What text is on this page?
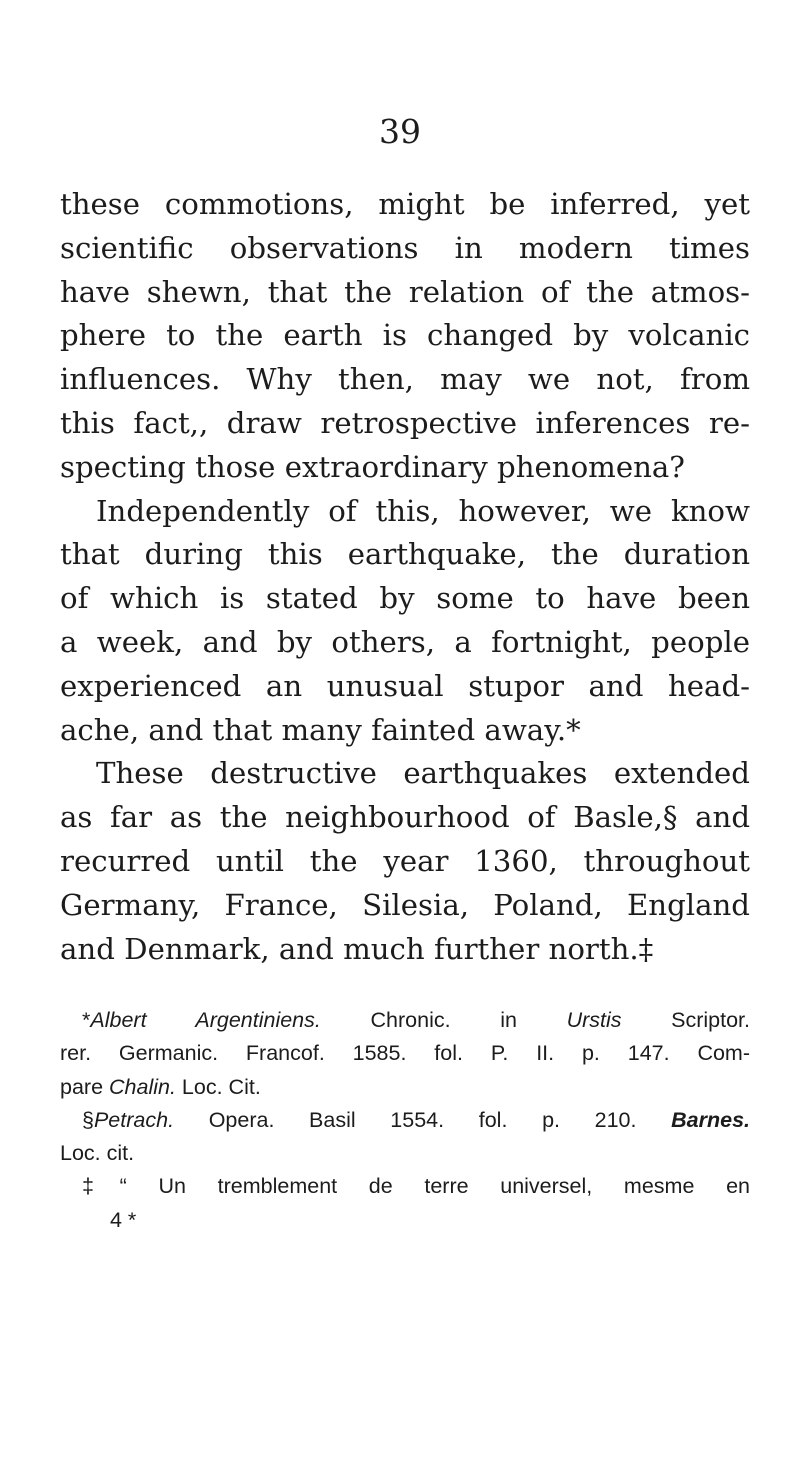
39
these commotions, might be inferred, yet
scientific observations in modern times
have shewn, that the relation of the atmos-
phere to the earth is changed by volcanic
influences. Why then, may we not, from
this fact,, draw retrospective inferences re-
specting those extraordinary phenomena?
Independently of this, however, we know
that during this earthquake, the duration
of which is stated by some to have been
a week, and by others, a fortnight, people
experienced an unusual stupor and head-
ache, and that many fainted away.*
These destructive earthquakes extended
as far as the neighbourhood of Basle,§ and
recurred until the year 1360, throughout
Germany, France, Silesia, Poland, England
and Denmark, and much further north.‡
*Albert Argentiniens. Chronic. in Urstis Scriptor.
rer. Germanic. Francof. 1585. fol. P. II. p. 147. Com-
pare Chalin. Loc. Cit.
§Petrach. Opera. Basil 1554. fol. p. 210. Barnes.
Loc. cit.
‡“ Un tremblement de terre universel, mesme en
4 *
